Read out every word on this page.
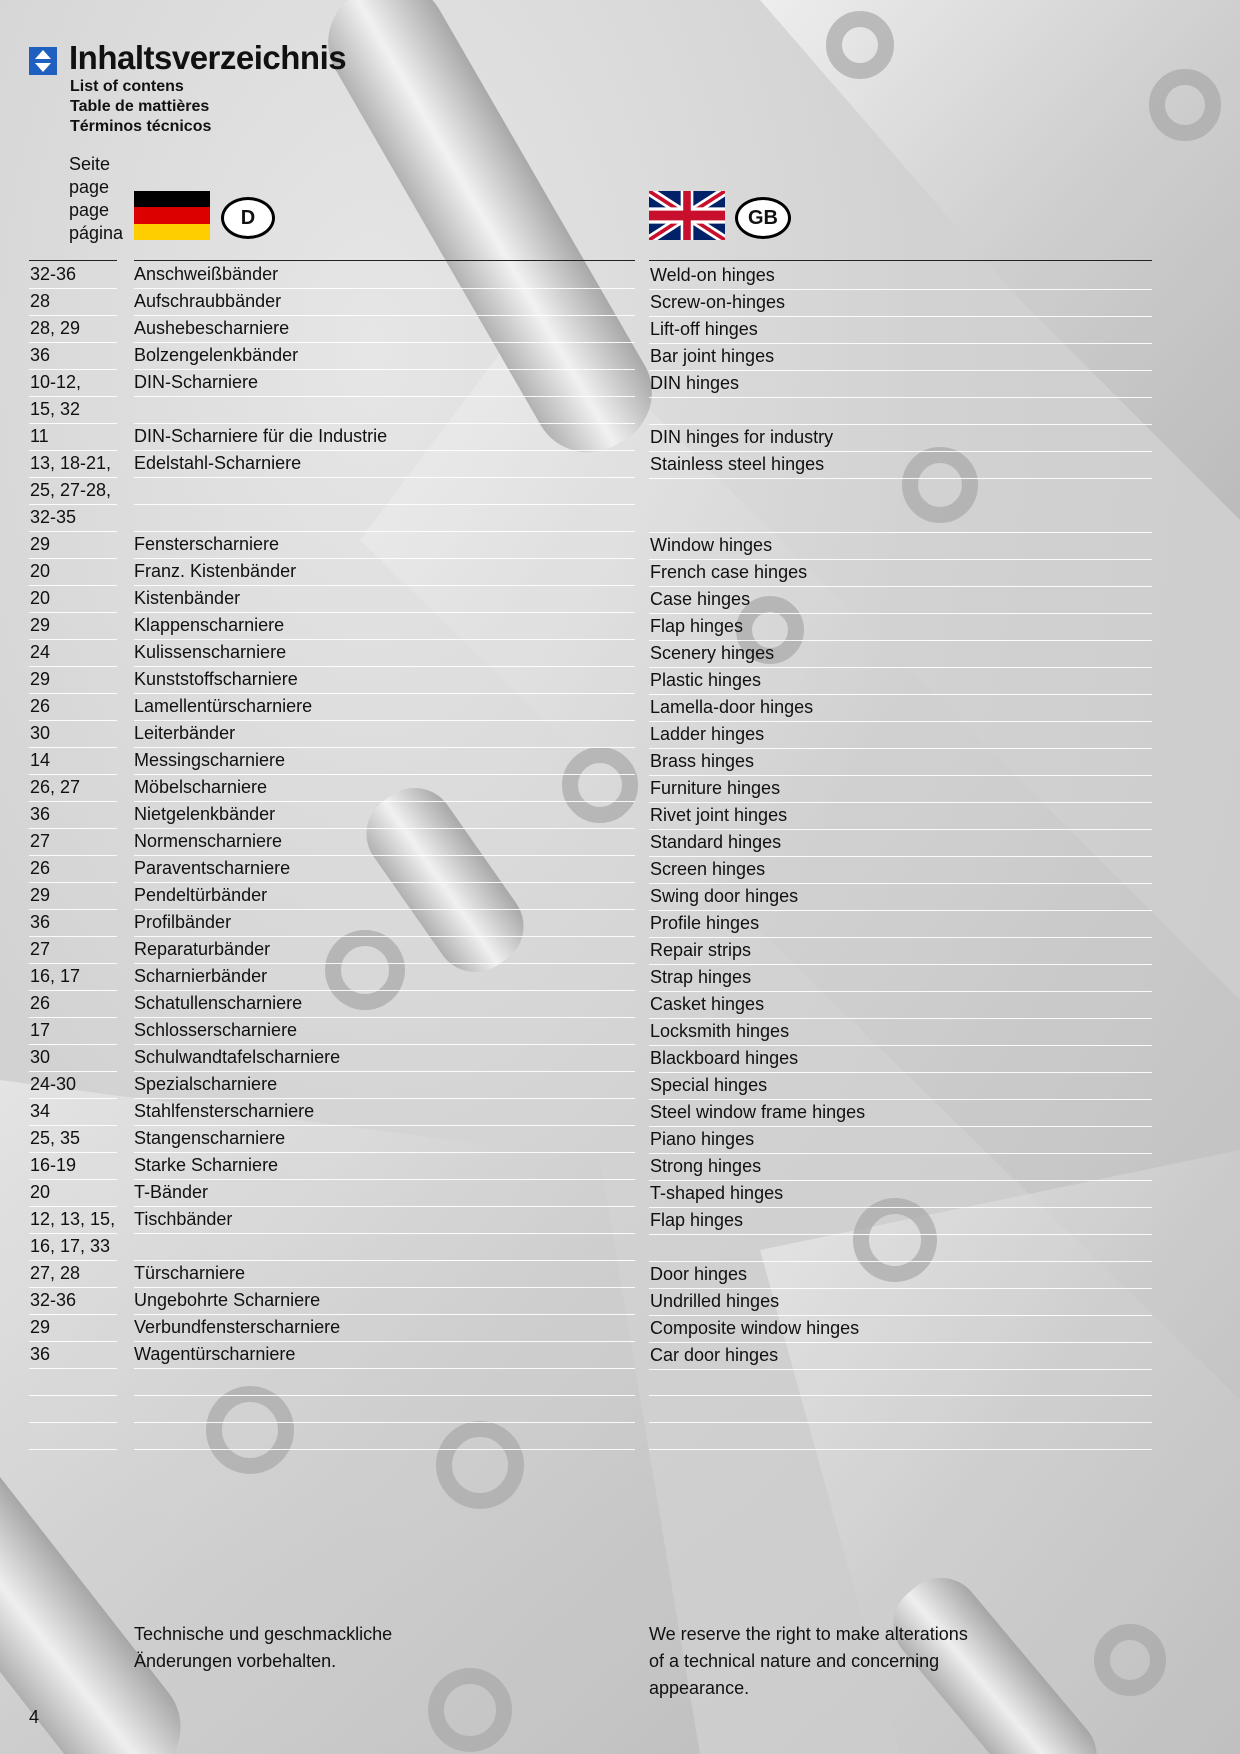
Inhaltsverzeichnis
List of contens
Table de mattières
Términos técnicos
Seite
page
page
página
D	GB
32-36	Anschweißbänder	Weld-on hinges
28	Aufschraubbänder	Screw-on-hinges
28, 29	Aushebescharniere	Lift-off hinges
36	Bolzengelenkbänder	Bar joint hinges
10-12,
15, 32
DIN-Scharniere	DIN hinges
11	DIN-Scharniere für die Industrie	DIN hinges for industry
13, 18-21,
25, 27-28,
32-35
Edelstahl-Scharniere	Stainless steel hinges
29	Fensterscharniere	Window hinges
20	Franz. Kistenbänder	French case hinges
20	Kistenbänder	Case hinges
29	Klappenscharniere	Flap hinges
24	Kulissenscharniere	Scenery hinges
29	Kunststoffscharniere	Plastic hinges
26	Lamellentürscharniere	Lamella-door hinges
30	Leiterbänder	Ladder hinges
14	Messingscharniere	Brass hinges
26, 27	Möbelscharniere	Furniture hinges
36	Nietgelenkbänder	Rivet joint hinges
27	Normenscharniere	Standard hinges
26	Paraventscharniere	Screen hinges
29	Pendeltürbänder	Swing door hinges
36	Profilbänder	Profile hinges
27	Reparaturbänder	Repair strips
16, 17	Scharnierbänder	Strap hinges
26	Schatullenscharniere	Casket hinges
17	Schlosserscharniere	Locksmith hinges
30	Schulwandtafelscharniere	Blackboard hinges
24-30	Spezialscharniere	Special hinges
34	Stahlfensterscharniere	Steel window frame hinges
25, 35	Stangenscharniere	Piano hinges
16-19	Starke Scharniere	Strong hinges
20	T-Bänder	T-shaped hinges
12, 13, 15,
16, 17, 33
Tischbänder	Flap hinges
27, 28	Türscharniere	Door hinges
32-36	Ungebohrte Scharniere	Undrilled hinges
29	Verbundfensterscharniere	Composite window hinges
36	Wagentürscharniere	Car door hinges
Technische und geschmackliche
Änderungen vorbehalten.
We reserve the right to make alterations
of a technical nature and concerning
appearance.
4
